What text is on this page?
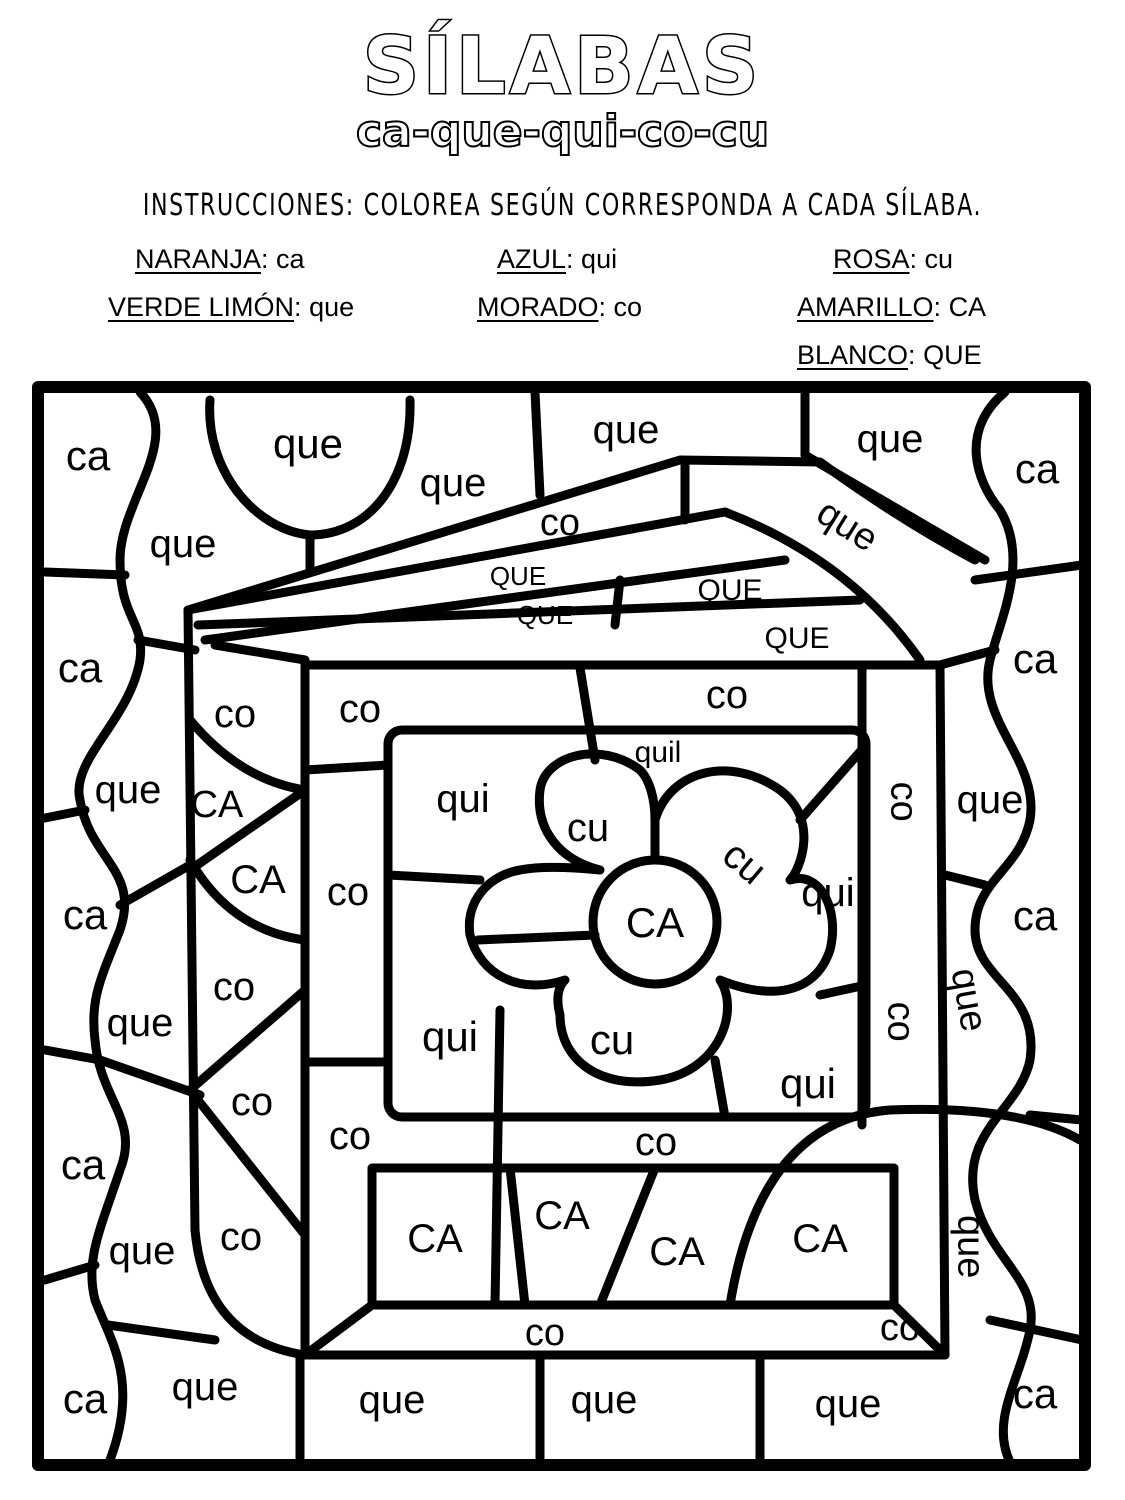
SÍLABAS
ca-que-qui-co-cu
INSTRUCCIONES: COLOREA SEGÚN CORRESPONDA A CADA SÍLABA.
NARANJA: ca	AZUL: qui	ROSA: cu
VERDE LIMÓN: que	MORADO: co	AMARILLO: CA
BLANCO: QUE
ca	que
que
que	que
ca
que	co	que
QUE	QUE
QUE
QUE
ca	ca
co co	co
quil
que CA	qui
cu
co que
cu
CA	qui
ca	co
CA	ca
co
que	que
qui	cu	co
qui
co
co	co
ca
CA
CA	CA CA	que
que co
co	co
ca que	que	que	que	ca
